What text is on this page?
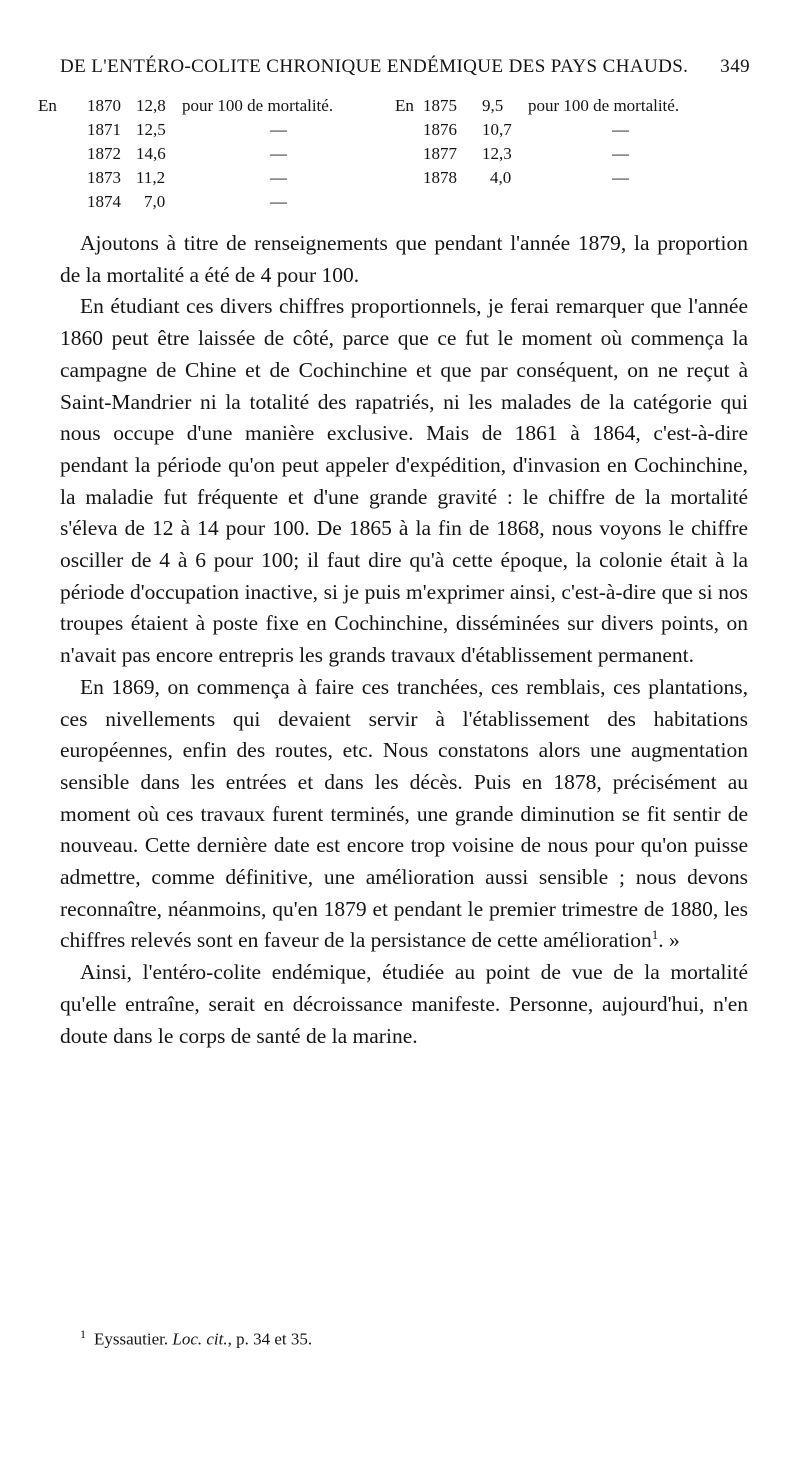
DE L'ENTÉRO-COLITE CHRONIQUE ENDÉMIQUE DES PAYS CHAUDS. 349
En 1870 12,8 pour 100 de mortalité.
1871 12,5	—
1872 14,6	—
1873 11,2	—
1874 7,0	—
En 1875 9,5 pour 100 de mortalité.
1876 10,7	—
1877 12,3	—
1878 4,0	—

Ajoutons à titre de renseignements que pendant l'année 1879, la proportion de la mortalité a été de 4 pour 100.

En étudiant ces divers chiffres proportionnels, je ferai remarquer que l'année 1860 peut être laissée de côté, parce que ce fut le moment où commença la campagne de Chine et de Cochinchine et que par conséquent, on ne reçut à Saint-Mandrier ni la totalité des rapatriés, ni les malades de la catégorie qui nous occupe d'une manière exclusive. Mais de 1861 à 1864, c'est-à-dire pendant la période qu'on peut appeler d'expédition, d'invasion en Cochinchine, la maladie fut fréquente et d'une grande gravité : le chiffre de la mortalité s'éleva de 12 à 14 pour 100. De 1865 à la fin de 1868, nous voyons le chiffre osciller de 4 à 6 pour 100; il faut dire qu'à cette époque, la colonie était à la période d'occupation inactive, si je puis m'exprimer ainsi, c'est-à-dire que si nos troupes étaient à poste fixe en Cochinchine, disséminées sur divers points, on n'avait pas encore entrepris les grands travaux d'établissement permanent.

En 1869, on commença à faire ces tranchées, ces remblais, ces plantations, ces nivellements qui devaient servir à l'établissement des habitations européennes, enfin des routes, etc. Nous constatons alors une augmentation sensible dans les entrées et dans les décès. Puis en 1878, précisément au moment où ces travaux furent terminés, une grande diminution se fit sentir de nouveau. Cette dernière date est encore trop voisine de nous pour qu'on puisse admettre, comme définitive, une amélioration aussi sensible ; nous devons reconnaître, néanmoins, qu'en 1879 et pendant le premier trimestre de 1880, les chiffres relevés sont en faveur de la persistance de cette amélioration$^1$. »

Ainsi, l'entéro-colite endémique, étudiée au point de vue de la mortalité qu'elle entraîne, serait en décroissance manifeste. Personne, aujourd'hui, n'en doute dans le corps de santé de la marine.

$^1$ Eyssautier. Loc. cit., p. 34 et 35.
